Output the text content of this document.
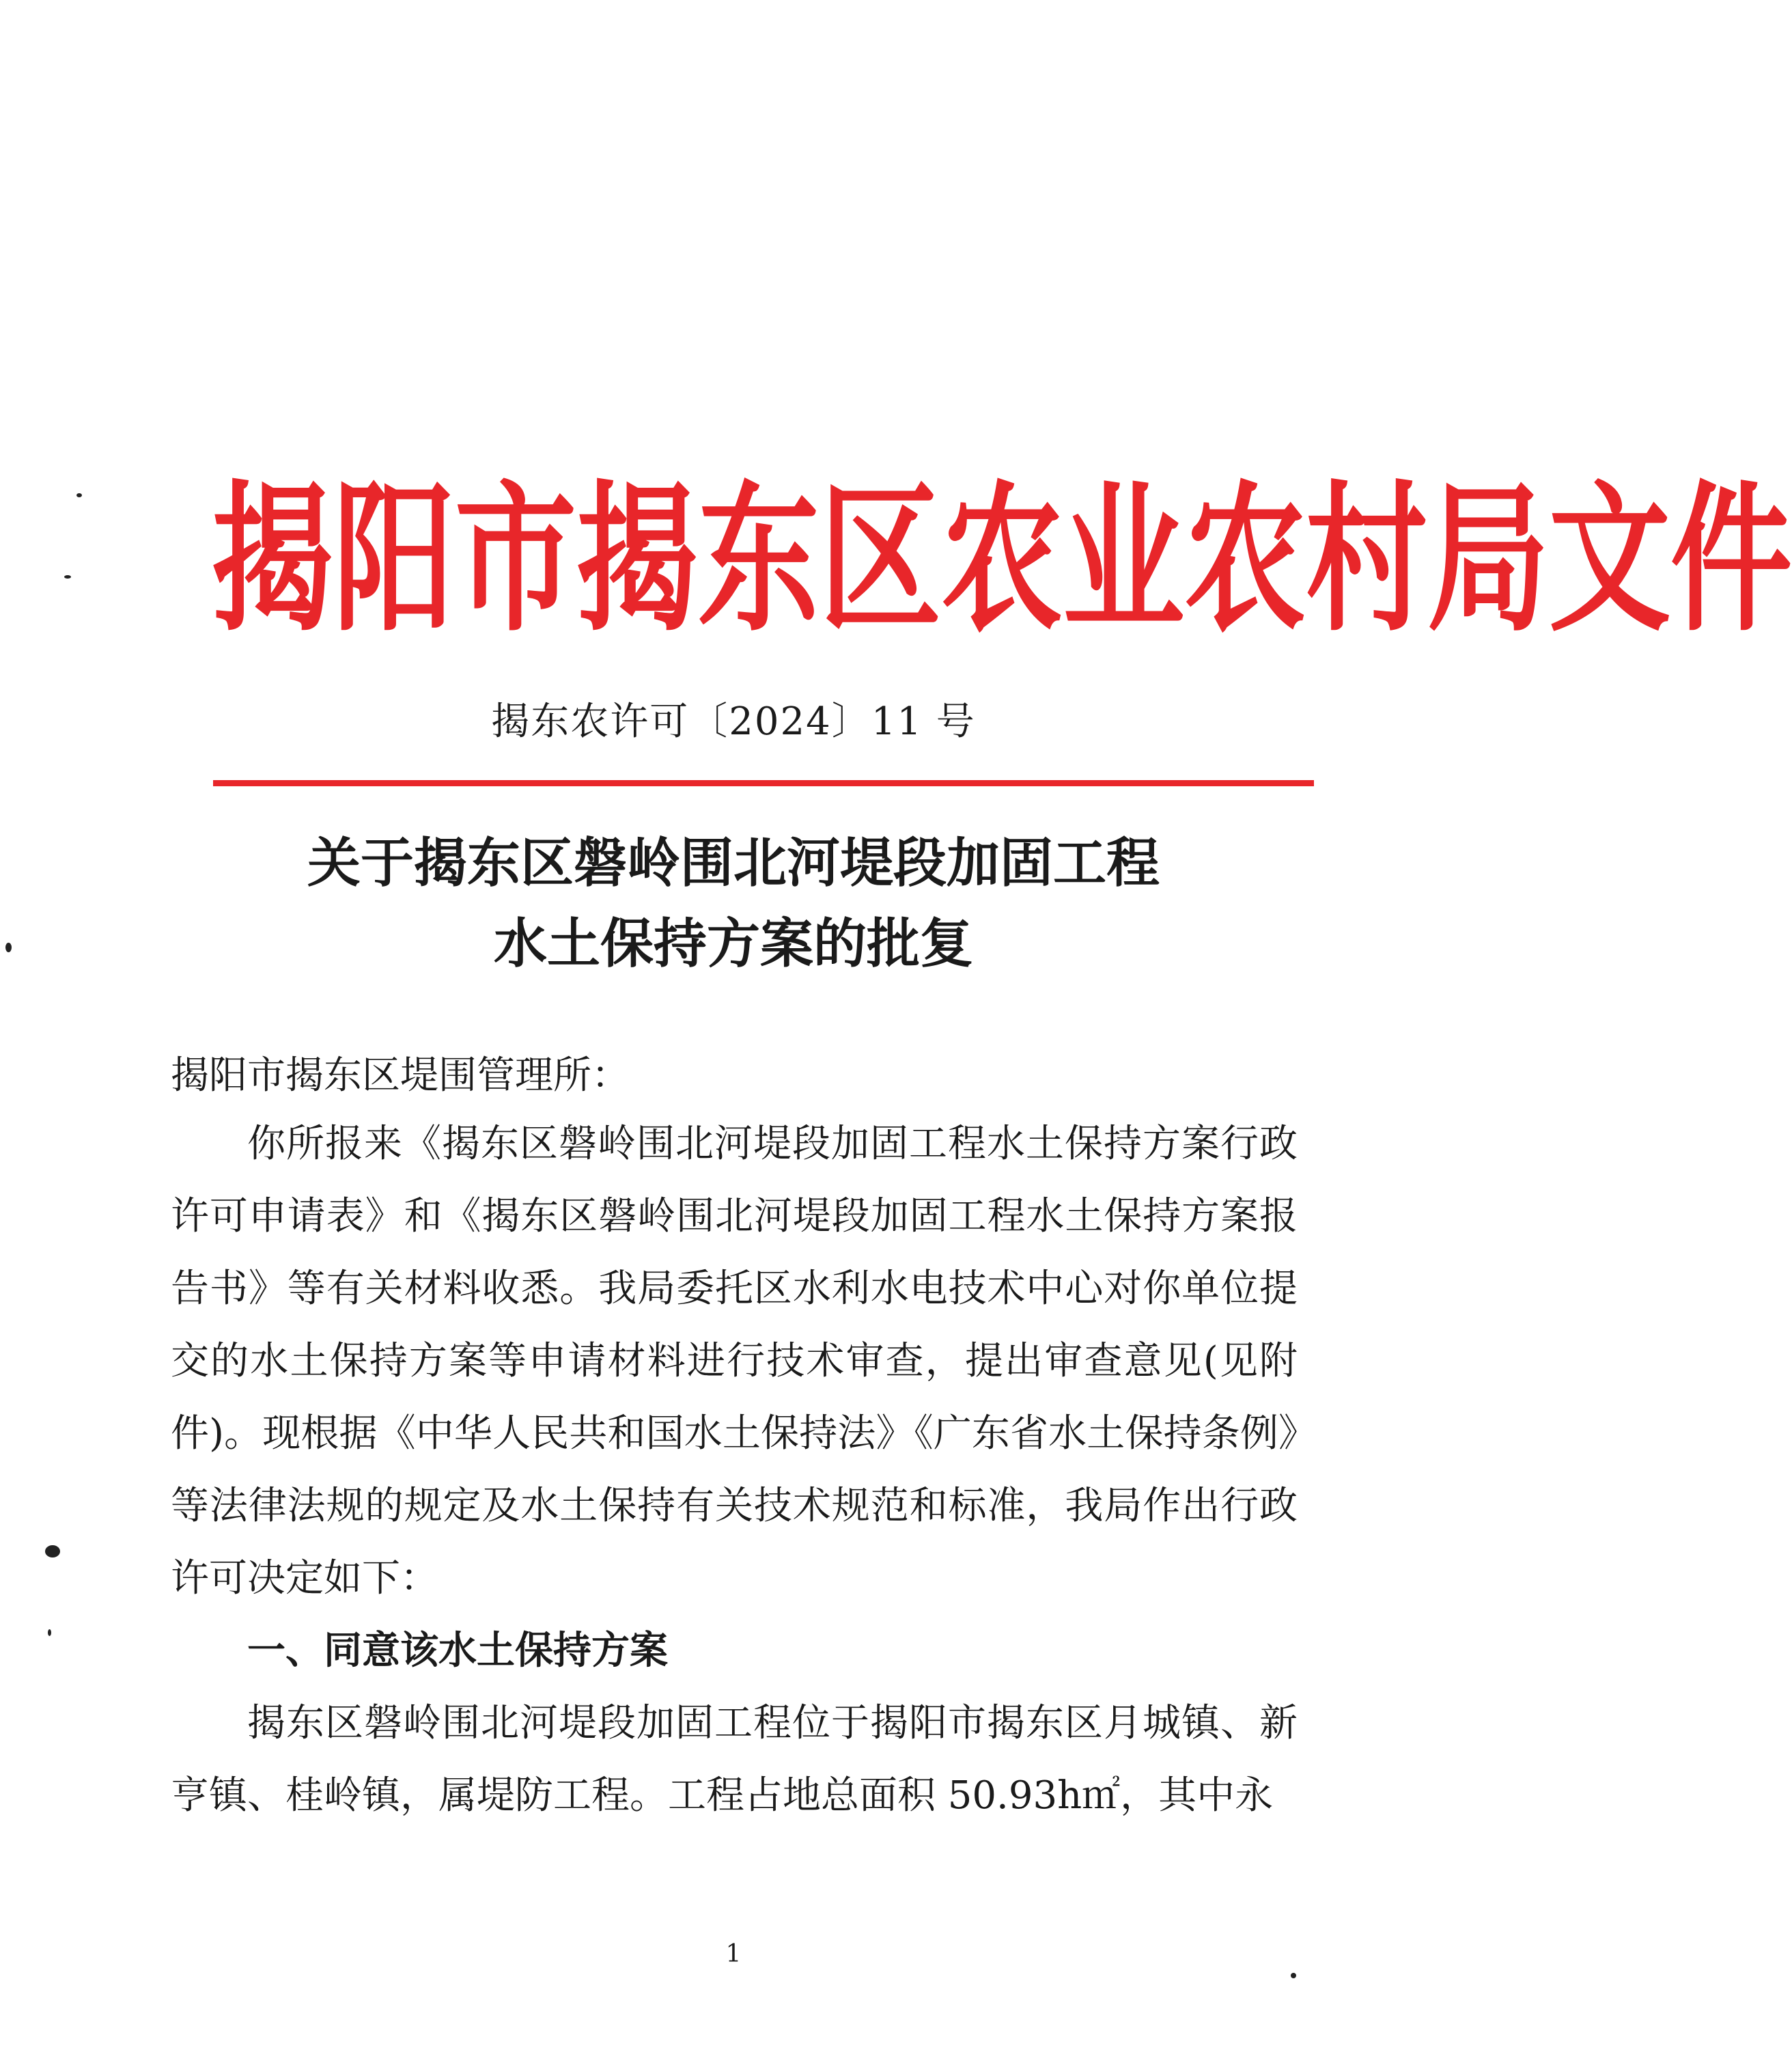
揭 阳 市 揭 东 区 农 业 农 村 局 文 件
揭东农许可〔2024〕11 号
关于揭东区磐岭围北河堤段加固工程
水土保持方案的批复
揭阳市揭东区堤围管理所：

你所报来《揭东区磐岭围北河堤段加固工程水土保持方案行政许可申请表》和《揭东区磐岭围北河堤段加固工程水土保持方案报告书》等有关材料收悉。我局委托区水利水电技术中心对你单位提交的水土保持方案等申请材料进行技术审查，提出审查意见(见附件)。现根据《中华人民共和国水土保持法》《广东省水土保持条例》等法律法规的规定及水土保持有关技术规范和标准，我局作出行政许可决定如下：

一、同意该水土保持方案

揭东区磐岭围北河堤段加固工程位于揭阳市揭东区月城镇、新亨镇、桂岭镇，属堤防工程。工程占地总面积 50.93h㎡，其中永

1
